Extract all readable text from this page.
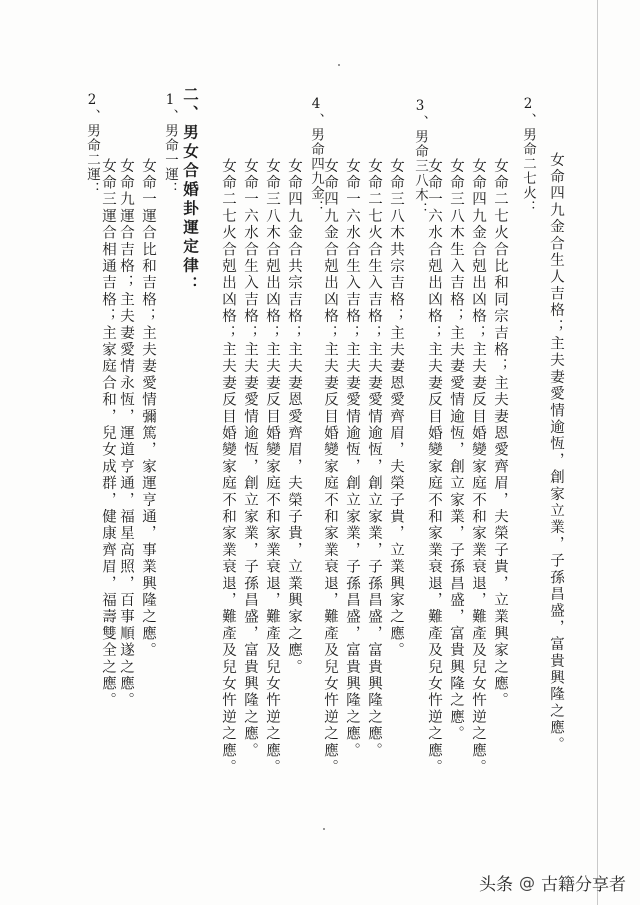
女命四九金合生人吉格；主夫妻愛情逾恆，創家立業，子孫昌盛，富貴興隆之應。
2、男命二七火：
女命二七火合比和同宗吉格；主夫妻恩愛齊眉，夫榮子貴，立業興家之應。
女命四九金合剋出凶格；主夫妻反目婚變家庭不和家業衰退，難產及兒女忤逆之應。
女命三八木生入吉格；主夫妻愛情逾恆，創立家業，子孫昌盛，富貴興隆之應。
女命一六水合剋出凶格；主夫妻反目婚變家庭不和家業衰退，難產及兒女忤逆之應。
3、男命三八木：
女命三八木共宗吉格；主夫妻恩愛齊眉，夫榮子貴，立業興家之應。
女命二七火合生入吉格；主夫妻愛情逾恆，創立家業，子孫昌盛，富貴興隆之應。
女命一六水合生入吉格；主夫妻愛情逾恆，創立家業，子孫昌盛，富貴興隆之應。
女命四九金合剋出凶格；主夫妻反目婚變家庭不和家業衰退，難產及兒女忤逆之應。
4、男命四九金：
女命四九金合共宗吉格；主夫妻恩愛齊眉，夫榮子貴，立業興家之應。
女命三八木合剋出凶格；主夫妻反目婚變家庭不和家業衰退，難產及兒女忤逆之應。
女命一六水合生入吉格；主夫妻愛情逾恆，創立家業，子孫昌盛，富貴興隆之應。
女命二七火合剋出凶格；主夫妻反目婚變家庭不和家業衰退，難產及兒女忤逆之應。
二、男女合婚卦運定律：
1、男命一運：
女命一運合比和吉格；主夫妻愛情彌篤，家運亨通，事業興隆之應。
女命九運合吉格；主夫妻愛情永恆，運道亨通，福星高照，百事順遂之應。
2、男命二運：
女命三運合相通吉格；主家庭合和，兒女成群，健康齊眉，福壽雙全之應。
头条 @ 古籍分享者
